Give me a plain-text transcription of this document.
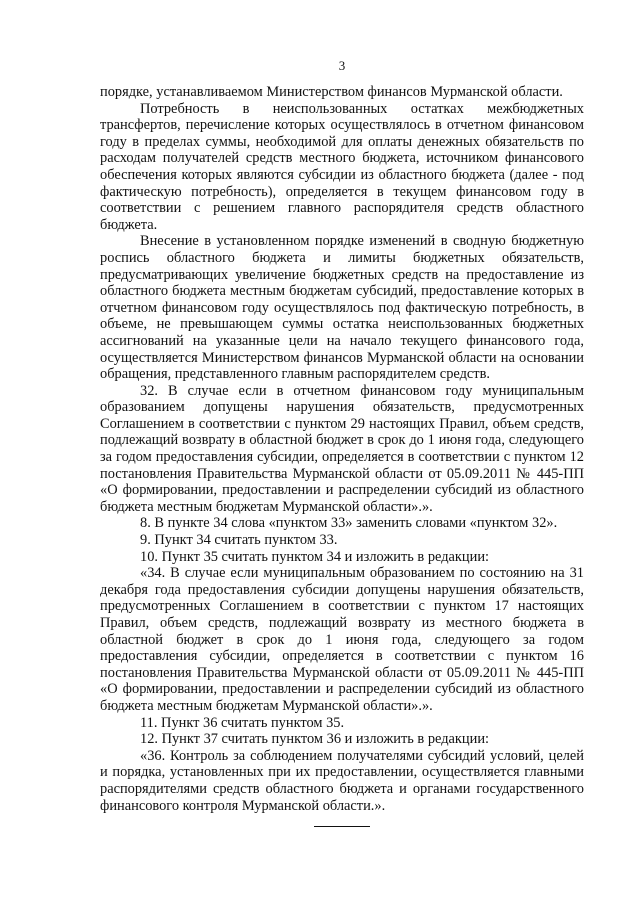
3

порядке, устанавливаемом Министерством финансов Мурманской области.

Потребность в неиспользованных остатках межбюджетных трансфертов, перечисление которых осуществлялось в отчетном финансовом году в пределах суммы, необходимой для оплаты денежных обязательств по расходам получателей средств местного бюджета, источником финансового обеспечения которых являются субсидии из областного бюджета (далее - под фактическую потребность), определяется в текущем финансовом году в соответствии с решением главного распорядителя средств областного бюджета.

Внесение в установленном порядке изменений в сводную бюджетную роспись областного бюджета и лимиты бюджетных обязательств, предусматривающих увеличение бюджетных средств на предоставление из областного бюджета местным бюджетам субсидий, предоставление которых в отчетном финансовом году осуществлялось под фактическую потребность, в объеме, не превышающем суммы остатка неиспользованных бюджетных ассигнований на указанные цели на начало текущего финансового года, осуществляется Министерством финансов Мурманской области на основании обращения, представленного главным распорядителем средств.

32. В случае если в отчетном финансовом году муниципальным образованием допущены нарушения обязательств, предусмотренных Соглашением в соответствии с пунктом 29 настоящих Правил, объем средств, подлежащий возврату в областной бюджет в срок до 1 июня года, следующего за годом предоставления субсидии, определяется в соответствии с пунктом 12 постановления Правительства Мурманской области от 05.09.2011 № 445-ПП «О формировании, предоставлении и распределении субсидий из областного бюджета местным бюджетам Мурманской области».».

8. В пункте 34 слова «пунктом 33» заменить словами «пунктом 32».

9. Пункт 34 считать пунктом 33.

10. Пункт 35 считать пунктом 34 и изложить в редакции:

«34. В случае если муниципальным образованием по состоянию на 31 декабря года предоставления субсидии допущены нарушения обязательств, предусмотренных Соглашением в соответствии с пунктом 17 настоящих Правил, объем средств, подлежащий возврату из местного бюджета в областной бюджет в срок до 1 июня года, следующего за годом предоставления субсидии, определяется в соответствии с пунктом 16 постановления Правительства Мурманской области от 05.09.2011 № 445-ПП «О формировании, предоставлении и распределении субсидий из областного бюджета местным бюджетам Мурманской области».».

11. Пункт 36 считать пунктом 35.

12. Пункт 37 считать пунктом 36 и изложить в редакции:

«36. Контроль за соблюдением получателями субсидий условий, целей и порядка, установленных при их предоставлении, осуществляется главными распорядителями средств областного бюджета и органами государственного финансового контроля Мурманской области.».
